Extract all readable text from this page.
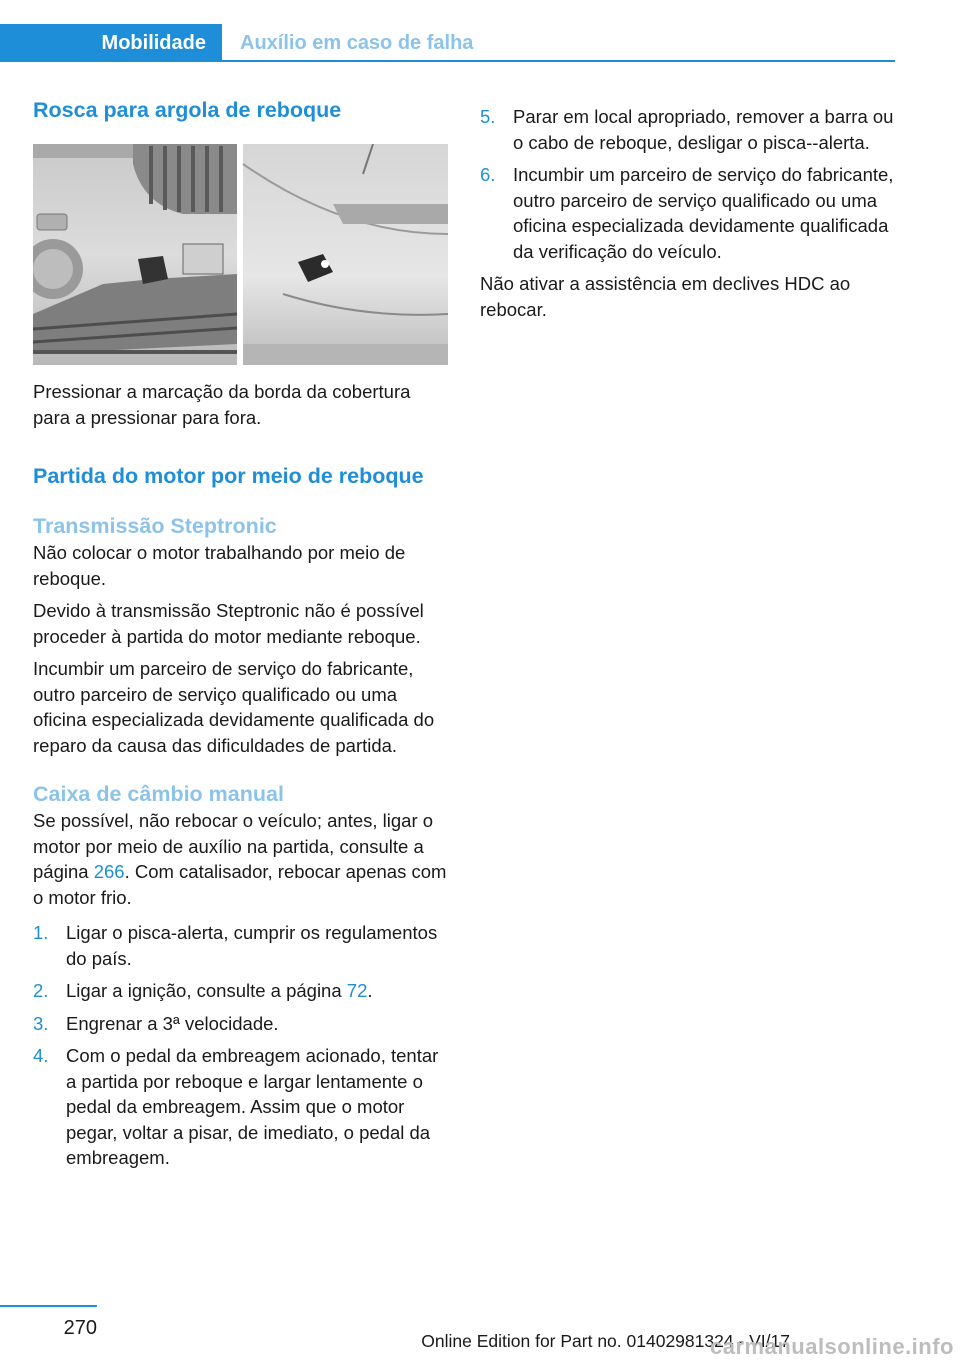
Mobilidade	Auxílio em caso de falha
Rosca para argola de reboque

Pressionar a marcação da borda da cobertura para a pressionar para fora.

Partida do motor por meio de reboque
Transmissão Steptronic

Não colocar o motor trabalhando por meio de reboque.

Devido à transmissão Steptronic não é possível proceder à partida do motor mediante reboque.

Incumbir um parceiro de serviço do fabricante, outro parceiro de serviço qualificado ou uma oficina especializada devidamente qualificada do reparo da causa das dificuldades de partida.

Caixa de câmbio manual

Se possível, não rebocar o veículo; antes, ligar o motor por meio de auxílio na partida, consulte a página 266. Com catalisador, rebocar apenas com o motor frio.

1. Ligar o pisca-alerta, cumprir os regulamentos do país.
2. Ligar a ignição, consulte a página 72.
3. Engrenar a 3ª velocidade.
4. Com o pedal da embreagem acionado, tentar a partida por reboque e largar lentamente o pedal da embreagem. Assim que o motor pegar, voltar a pisar, de imediato, o pedal da embreagem.
5. Parar em local apropriado, remover a barra ou o cabo de reboque, desligar o pisca--alerta.
6. Incumbir um parceiro de serviço do fabricante, outro parceiro de serviço qualificado ou uma oficina especializada devidamente qualificada da verificação do veículo.

Não ativar a assistência em declives HDC ao rebocar.

270
Online Edition for Part no. 01402981324 - VI/17
carmanualsonline.info
